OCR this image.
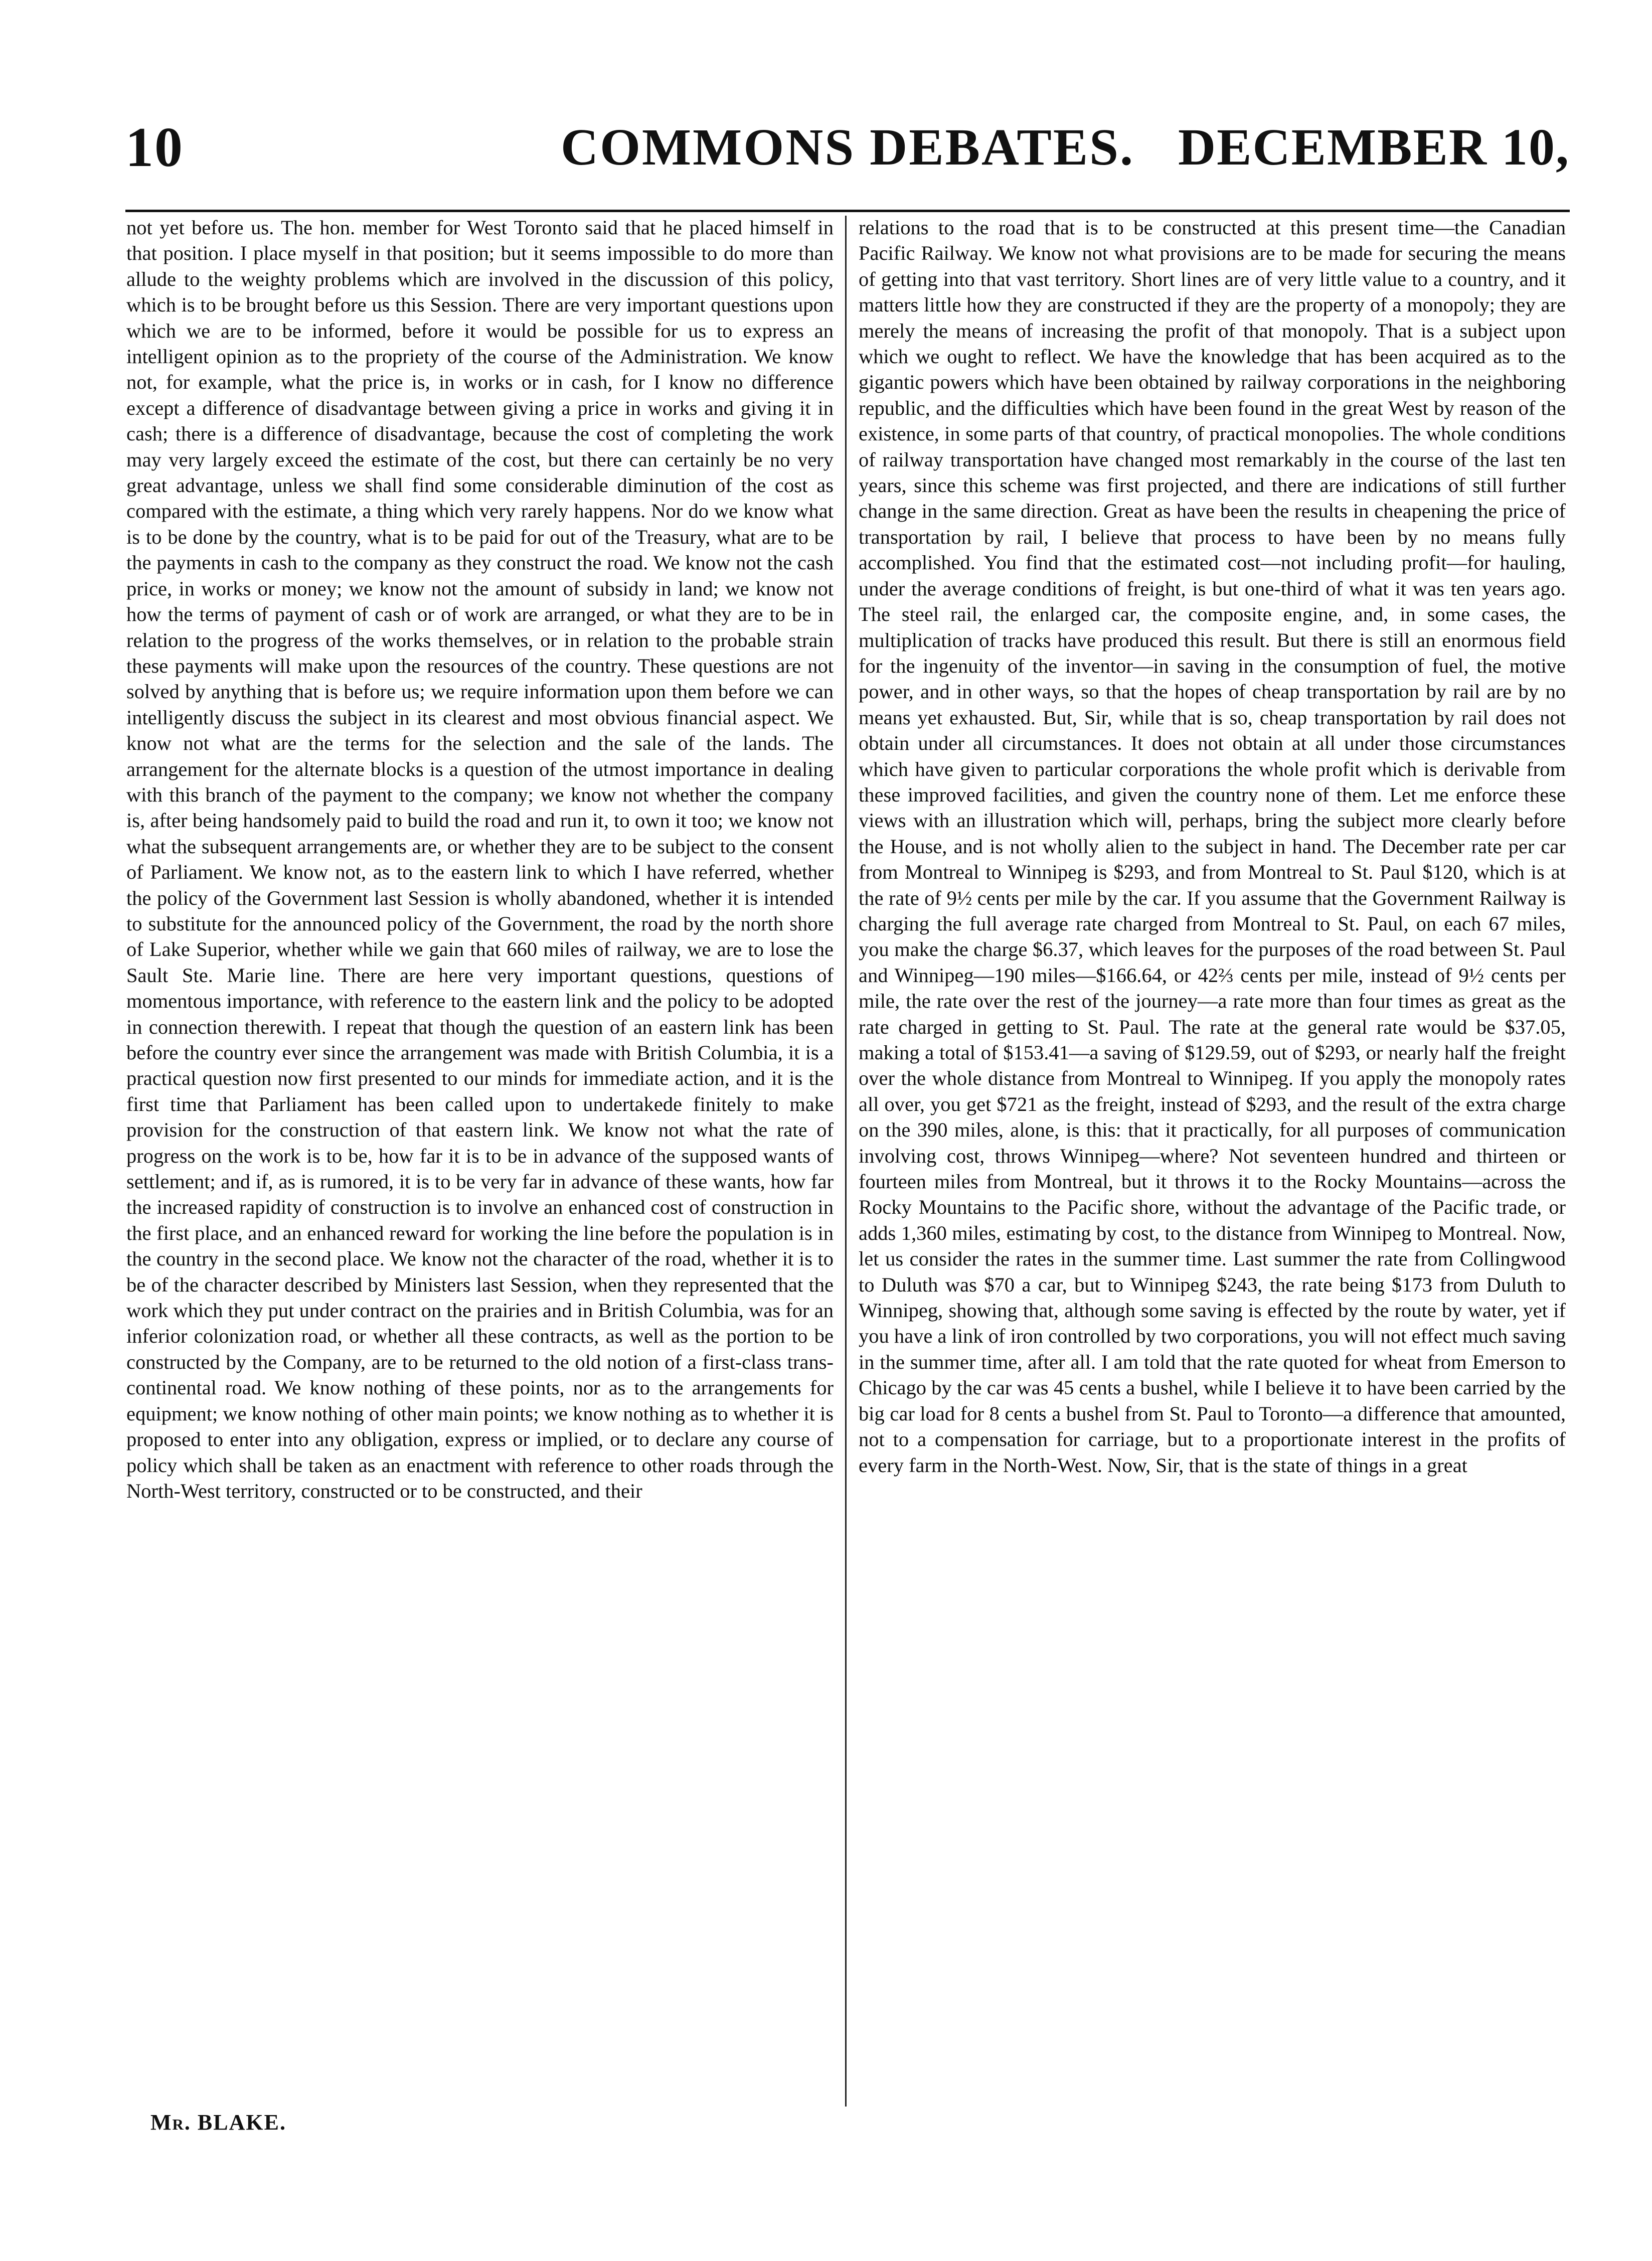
10	COMMONS DEBATES. DECEMBER 10,

not yet before us. The hon. member for West Toronto said that he placed himself in that position. I place myself in that position; but it seems impossible to do more than allude to the weighty problems which are involved in the discussion of this policy, which is to be brought before us this Session. There are very important questions upon which we are to be informed, before it would be possible for us to express an intelligent opinion as to the propriety of the course of the Administration. We know not, for example, what the price is, in works or in cash, for I know no difference except a difference of disadvantage between giving a price in works and giving it in cash; there is a difference of disadvantage, because the cost of completing the work may very largely exceed the estimate of the cost, but there can certainly be no very great advantage, unless we shall find some considerable diminution of the cost as compared with the estimate, a thing which very rarely happens. Nor do we know what is to be done by the country, what is to be paid for out of the Treasury, what are to be the payments in cash to the company as they construct the road. We know not the cash price, in works or money; we know not the amount of subsidy in land; we know not how the terms of payment of cash or of work are arranged, or what they are to be in relation to the progress of the works themselves, or in relation to the probable strain these payments will make upon the resources of the country. These questions are not solved by anything that is before us; we require information upon them before we can intelligently discuss the subject in its clearest and most obvious financial aspect. We know not what are the terms for the selection and the sale of the lands. The arrangement for the alternate blocks is a question of the utmost importance in dealing with this branch of the payment to the company; we know not whether the company is, after being handsomely paid to build the road and run it, to own it too; we know not what the subsequent arrangements are, or whether they are to be subject to the consent of Parliament. We know not, as to the eastern link to which I have referred, whether the policy of the Government last Session is wholly abandoned, whether it is intended to substitute for the announced policy of the Government, the road by the north shore of Lake Superior, whether while we gain that 660 miles of railway, we are to lose the Sault Ste. Marie line. There are here very important questions, questions of momentous importance, with reference to the eastern link and the policy to be adopted in connection therewith. I repeat that though the question of an eastern link has been before the country ever since the arrangement was made with British Columbia, it is a practical question now first presented to our minds for immediate action, and it is the first time that Parliament has been called upon to undertakede finitely to make provision for the construction of that eastern link. We know not what the rate of progress on the work is to be, how far it is to be in advance of the supposed wants of settlement; and if, as is rumored, it is to be very far in advance of these wants, how far the increased rapidity of construction is to involve an enhanced cost of construction in the first place, and an enhanced reward for working the line before the population is in the country in the second place. We know not the character of the road, whether it is to be of the character described by Ministers last Session, when they represented that the work which they put under contract on the prairies and in British Columbia, was for an inferior colonization road, or whether all these contracts, as well as the portion to be constructed by the Company, are to be returned to the old notion of a first-class trans-continental road. We know nothing of these points, nor as to the arrangements for equipment; we know nothing of other main points; we know nothing as to whether it is proposed to enter into any obligation, express or implied, or to declare any course of policy which shall be taken as an enactment with reference to other roads through the North-West territory, constructed or to be constructed, and their

relations to the road that is to be constructed at this present time—the Canadian Pacific Railway. We know not what provisions are to be made for securing the means of getting into that vast territory. Short lines are of very little value to a country, and it matters little how they are constructed if they are the property of a monopoly; they are merely the means of increasing the profit of that monopoly. That is a subject upon which we ought to reflect. We have the knowledge that has been acquired as to the gigantic powers which have been obtained by railway corporations in the neighboring republic, and the difficulties which have been found in the great West by reason of the existence, in some parts of that country, of practical monopolies. The whole conditions of railway transportation have changed most remarkably in the course of the last ten years, since this scheme was first projected, and there are indications of still further change in the same direction. Great as have been the results in cheapening the price of transportation by rail, I believe that process to have been by no means fully accomplished. You find that the estimated cost—not including profit—for hauling, under the average conditions of freight, is but one-third of what it was ten years ago. The steel rail, the enlarged car, the composite engine, and, in some cases, the multiplication of tracks have produced this result. But there is still an enormous field for the ingenuity of the inventor—in saving in the consumption of fuel, the motive power, and in other ways, so that the hopes of cheap transportation by rail are by no means yet exhausted. But, Sir, while that is so, cheap transportation by rail does not obtain under all circumstances. It does not obtain at all under those circumstances which have given to particular corporations the whole profit which is derivable from these improved facilities, and given the country none of them. Let me enforce these views with an illustration which will, perhaps, bring the subject more clearly before the House, and is not wholly alien to the subject in hand. The December rate per car from Montreal to Winnipeg is $293, and from Montreal to St. Paul $120, which is at the rate of 9½ cents per mile by the car. If you assume that the Government Railway is charging the full average rate charged from Montreal to St. Paul, on each 67 miles, you make the charge $6.37, which leaves for the purposes of the road between St. Paul and Winnipeg—190 miles—$166.64, or 42⅔ cents per mile, instead of 9½ cents per mile, the rate over the rest of the journey—a rate more than four times as great as the rate charged in getting to St. Paul. The rate at the general rate would be $37.05, making a total of $153.41—a saving of $129.59, out of $293, or nearly half the freight over the whole distance from Montreal to Winnipeg. If you apply the monopoly rates all over, you get $721 as the freight, instead of $293, and the result of the extra charge on the 390 miles, alone, is this: that it practically, for all purposes of communication involving cost, throws Winnipeg—where? Not seventeen hundred and thirteen or fourteen miles from Montreal, but it throws it to the Rocky Mountains—across the Rocky Mountains to the Pacific shore, without the advantage of the Pacific trade, or adds 1,360 miles, estimating by cost, to the distance from Winnipeg to Montreal. Now, let us consider the rates in the summer time. Last summer the rate from Collingwood to Duluth was $70 a car, but to Winnipeg $243, the rate being $173 from Duluth to Winnipeg, showing that, although some saving is effected by the route by water, yet if you have a link of iron controlled by two corporations, you will not effect much saving in the summer time, after all. I am told that the rate quoted for wheat from Emerson to Chicago by the car was 45 cents a bushel, while I believe it to have been carried by the big car load for 8 cents a bushel from St. Paul to Toronto—a difference that amounted, not to a compensation for carriage, but to a proportionate interest in the profits of every farm in the North-West. Now, Sir, that is the state of things in a great

Mr. BLAKE.
